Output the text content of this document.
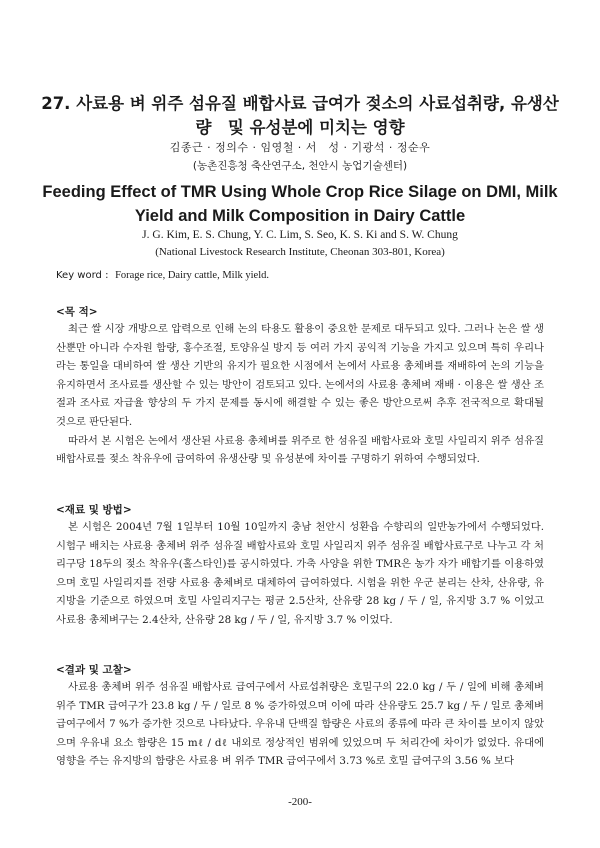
27. 사료용 벼 위주 섬유질 배합사료 급여가 젖소의 사료섭취량, 유생산량　및 유성분에 미치는 영향
김종근 · 정의수 · 임영철 · 서　성 · 기광석 · 정순우
(농촌진흥청 축산연구소, 천안시 농업기술센터)
Feeding Effect of TMR Using Whole Crop Rice Silage on DMI, Milk Yield and Milk Composition in Dairy Cattle
J. G. Kim, E. S. Chung, Y. C. Lim, S. Seo, K. S. Ki and S. W. Chung
(National Livestock Research Institute, Cheonan 303-801, Korea)
Key word : Forage rice, Dairy cattle, Milk yield.
<목 적>

최근 쌀 시장 개방으로 압력으로 인해 논의 타용도 활용이 중요한 문제로 대두되고 있다. 그러나 논은 쌀 생산뿐만 아니라 수자원 함량, 홍수조절, 토양유실 방지 등 여러 가지 공익적 기능을 가지고 있으며 특히 우리나라는 통일을 대비하여 쌀 생산 기반의 유지가 필요한 시점에서 논에서 사료용 총체벼를 재배하여 논의 기능을 유지하면서 조사료를 생산할 수 있는 방안이 검토되고 있다. 논에서의 사료용 총체벼 재배 · 이용은 쌀 생산 조절과 조사료 자급율 향상의 두 가지 문제를 동시에 해결할 수 있는 좋은 방안으로써 추후 전국적으로 확대될 것으로 판단된다.

따라서 본 시험은 논에서 생산된 사료용 총체벼를 위주로 한 섬유질 배합사료와 호밀 사일리지 위주 섬유질 배합사료를 젖소 착유우에 급여하여 유생산량 및 유성분에 차이를 구명하기 위하여 수행되었다.

<재료 및 방법>

본 시험은 2004년 7월 1일부터 10월 10일까지 충남 천안시 성환읍 수향리의 일반농가에서 수행되었다. 시험구 배치는 사료용 총체벼 위주 섬유질 배합사료와 호밀 사일리지 위주 섬유질 배합사료구로 나누고 각 처리구당 18두의 젖소 착유우(홀스타인)를 공시하였다. 가축 사양을 위한 TMR은 농가 자가 배합기를 이용하였으며 호밀 사일리지를 전량 사료용 총체벼로 대체하여 급여하였다. 시험을 위한 우군 분리는 산차, 산유량, 유지방을 기준으로 하였으며 호밀 사일리지구는 평균 2.5산차, 산유량 28 kg / 두 / 일, 유지방 3.7 % 이었고 사료용 총체벼구는 2.4산차, 산유량 28 kg / 두 / 일, 유지방 3.7 % 이었다.

<결과 및 고찰>

사료용 총체벼 위주 섬유질 배합사료 급여구에서 사료섭취량은 호밀구의 22.0 kg / 두 / 일에 비해 총체벼 위주 TMR 급여구가 23.8 kg / 두 / 일로 8 % 증가하였으며 이에 따라 산유량도 25.7 kg / 두 / 일로 총체벼 급여구에서 7 %가 증가한 것으로 나타났다. 우유내 단백질 함량은 사료의 종류에 따라 큰 차이를 보이지 않았으며 우유내 요소 함량은 15 mℓ / dℓ 내외로 정상적인 범위에 있었으며 두 처리간에 차이가 없었다. 유대에 영향을 주는 유지방의 함량은 사료용 벼 위주 TMR 급여구에서 3.73 %로 호밀 급여구의 3.56 % 보다

-200-
